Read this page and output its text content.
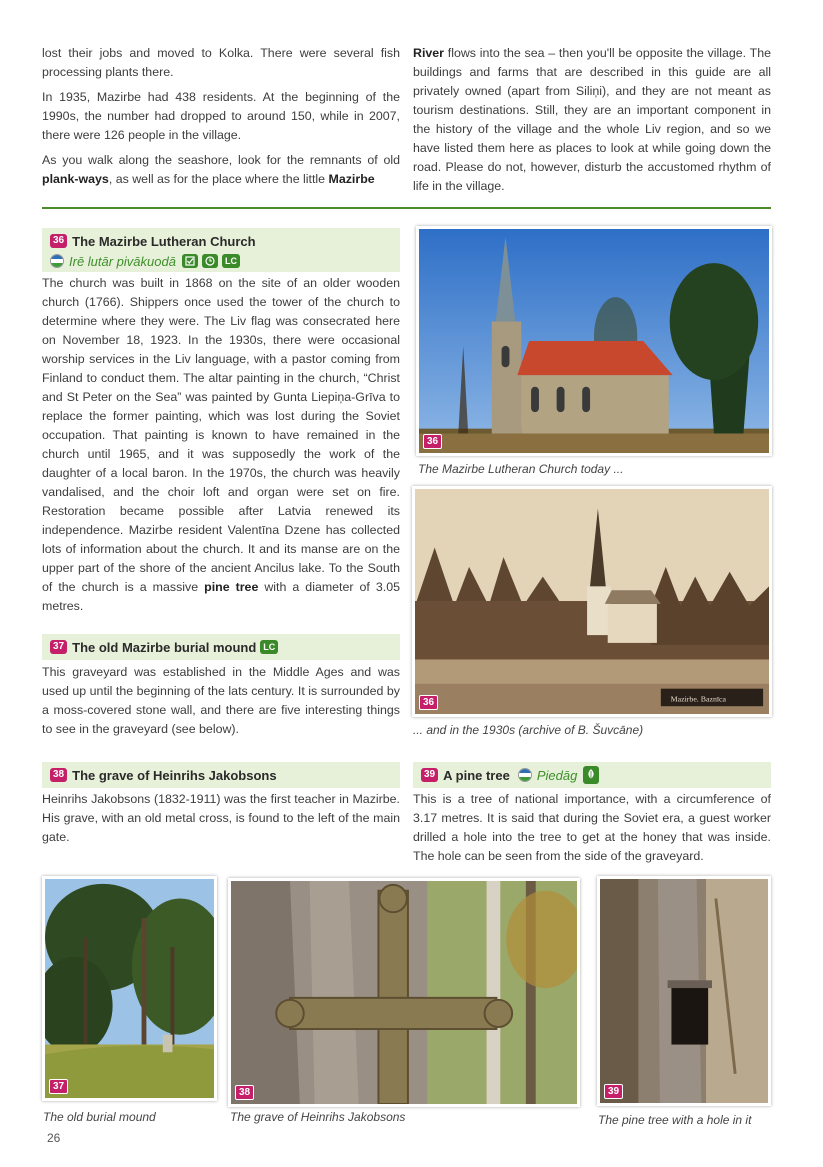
lost their jobs and moved to Kolka. There were several fish processing plants there.

In 1935, Mazirbe had 438 residents. At the beginning of the 1990s, the number had dropped to around 150, while in 2007, there were 126 people in the village.

As you walk along the seashore, look for the remnants of old plank-ways, as well as for the place where the little Mazirbe

River flows into the sea – then you'll be opposite the village. The buildings and farms that are described in this guide are all privately owned (apart from Siliņi), and they are not meant as tourism destinations. Still, they are an important component in the history of the village and the whole Liv region, and so we have listed them here as places to look at while going down the road. Please do not, however, disturb the accustomed rhythm of life in the village.

36 The Mazirbe Lutheran Church
Irē lutār pivākuodā	LC

The church was built in 1868 on the site of an older wooden church (1766). Shippers once used the tower of the church to determine where they were. The Liv flag was consecrated here on November 18, 1923. In the 1930s, there were occasional worship services in the Liv language, with a pastor coming from Finland to conduct them. The altar painting in the church, “Christ and St Peter on the Sea” was painted by Gunta Liepiņa-Grīva to replace the former painting, which was lost during the Soviet occupation. That painting is known to have remained in the church until 1965, and it was supposedly the work of the daughter of a local baron. In the 1970s, the church was heavily vandalised, and the choir loft and organ were set on fire. Restoration became possible after Latvia renewed its independence. Mazirbe resident Valentīna Dzene has collected lots of information about the church. It and its manse are on the upper part of the shore of the ancient Ancilus lake. To the South of the church is a massive pine tree with a diameter of 3.05 metres.

37 The old Mazirbe burial mound LC

This graveyard was established in the Middle Ages and was used up until the beginning of the lats century. It is surrounded by a moss-covered stone wall, and there are five interesting things to see in the graveyard (see below).

38 The grave of Heinrihs Jakobsons

Heinrihs Jakobsons (1832-1911) was the first teacher in Mazirbe. His grave, with an old metal cross, is found to the left of the main gate.

39 A pine tree Piedāg

This is a tree of national importance, with a circumference of 3.17 metres. It is said that during the Soviet era, a guest worker drilled a hole into the tree to get at the honey that was inside. The hole can be seen from the side of the graveyard.

36
The Mazirbe Lutheran Church today ...
Mazirbe. Baznīca
36
... and in the 1930s (archive of B. Šuvcāne)
37
The old burial mound
38
The grave of Heinrihs Jakobsons
39
The pine tree with a hole in it
26
